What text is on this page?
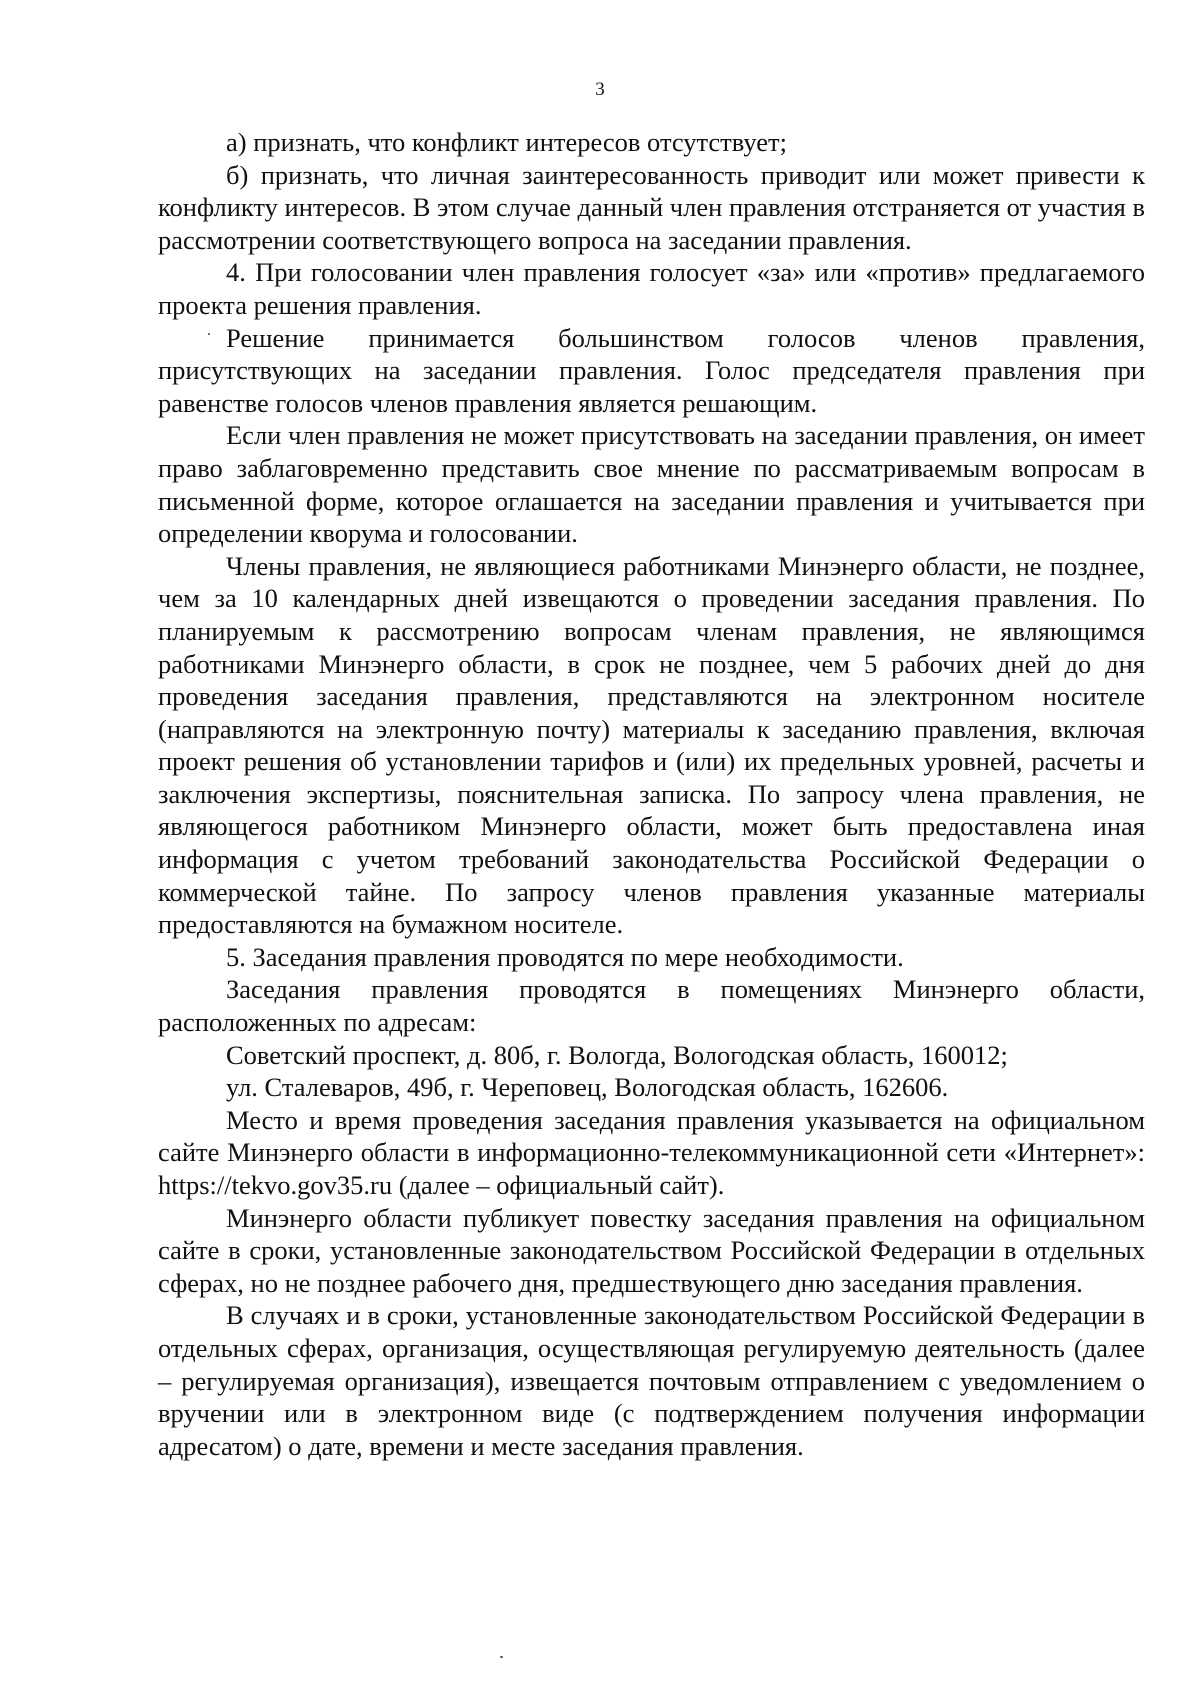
3

а) признать, что конфликт интересов отсутствует;

б) признать, что личная заинтересованность приводит или может привести к конфликту интересов. В этом случае данный член правления отстраняется от участия в рассмотрении соответствующего вопроса на заседании правления.

4. При голосовании член правления голосует «за» или «против» предлагаемого проекта решения правления.

Решение принимается большинством голосов членов правления, присутствующих на заседании правления. Голос председателя правления при равенстве голосов членов правления является решающим.

Если член правления не может присутствовать на заседании правления, он имеет право заблаговременно представить свое мнение по рассматриваемым вопросам в письменной форме, которое оглашается на заседании правления и учитывается при определении кворума и голосовании.

Члены правления, не являющиеся работниками Минэнерго области, не позднее, чем за 10 календарных дней извещаются о проведении заседания правления. По планируемым к рассмотрению вопросам членам правления, не являющимся работниками Минэнерго области, в срок не позднее, чем 5 рабочих дней до дня проведения заседания правления, представляются на электронном носителе (направляются на электронную почту) материалы к заседанию правления, включая проект решения об установлении тарифов и (или) их предельных уровней, расчеты и заключения экспертизы, пояснительная записка. По запросу члена правления, не являющегося работником Минэнерго области, может быть предоставлена иная информация с учетом требований законодательства Российской Федерации о коммерческой тайне. По запросу членов правления указанные материалы предоставляются на бумажном носителе.

5. Заседания правления проводятся по мере необходимости.

Заседания правления проводятся в помещениях Минэнерго области, расположенных по адресам:

Советский проспект, д. 80б, г. Вологда, Вологодская область, 160012;

ул. Сталеваров, 49б, г. Череповец, Вологодская область, 162606.

Место и время проведения заседания правления указывается на официальном сайте Минэнерго области в информационно-телекоммуникационной сети «Интернет»: https://tekvo.gov35.ru (далее – официальный сайт).

Минэнерго области публикует повестку заседания правления на официальном сайте в сроки, установленные законодательством Российской Федерации в отдельных сферах, но не позднее рабочего дня, предшествующего дню заседания правления.

В случаях и в сроки, установленные законодательством Российской Федерации в отдельных сферах, организация, осуществляющая регулируемую деятельность (далее – регулируемая организация), извещается почтовым отправлением с уведомлением о вручении или в электронном виде (с подтверждением получения информации адресатом) о дате, времени и месте заседания правления.
